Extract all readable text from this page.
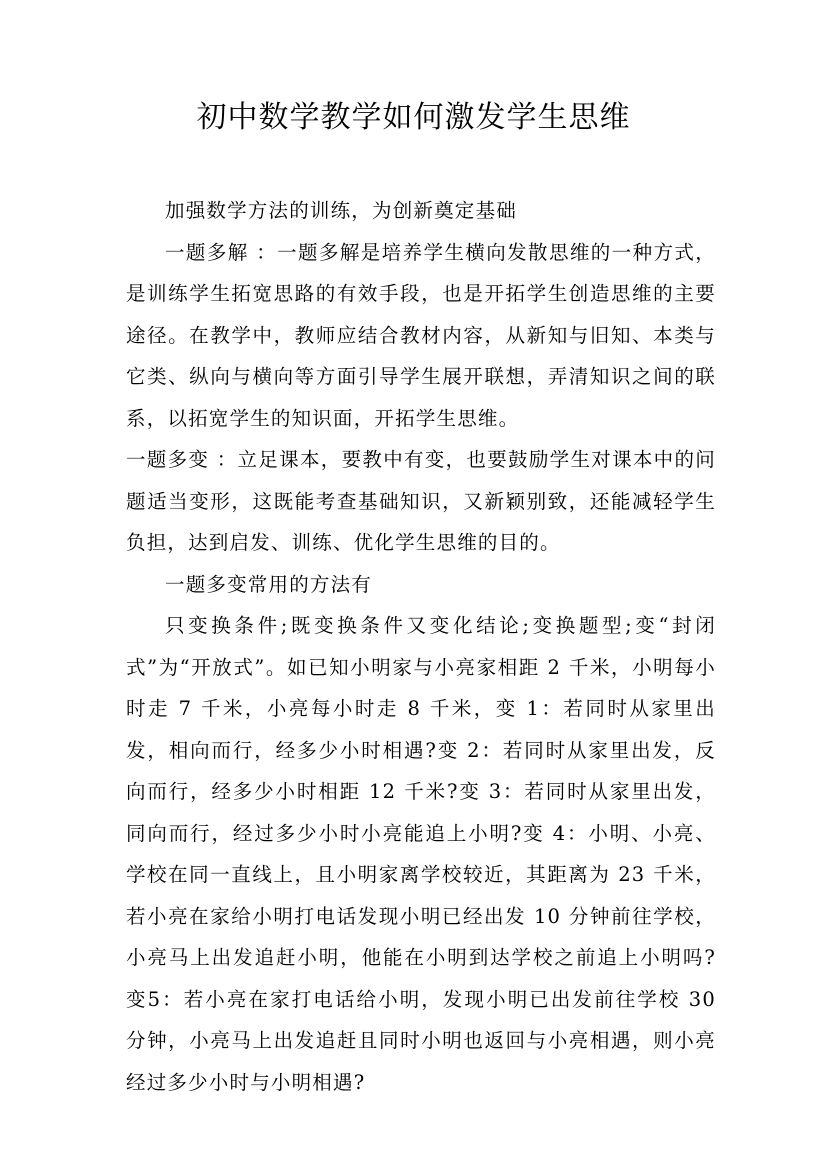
初中数学教学如何激发学生思维

加强数学方法的训练，为创新奠定基础

一题多解 ：一题多解是培养学生横向发散思维的一种方式，是训练学生拓宽思路的有效手段，也是开拓学生创造思维的主要途径。在教学中，教师应结合教材内容，从新知与旧知、本类与它类、纵向与横向等方面引导学生展开联想，弄清知识之间的联系，以拓宽学生的知识面，开拓学生思维。

一题多变 ：立足课本，要教中有变，也要鼓励学生对课本中的问题适当变形，这既能考查基础知识，又新颖别致，还能减轻学生负担，达到启发、训练、优化学生思维的目的。

一题多变常用的方法有

只变换条件;既变换条件又变化结论;变换题型;变“封闭式”为“开放式”。如已知小明家与小亮家相距 2 千米，小明每小时走 7 千米，小亮每小时走 8 千米，变 1：若同时从家里出发，相向而行，经多少小时相遇?变 2：若同时从家里出发，反向而行，经多少小时相距 12 千米?变 3：若同时从家里出发，同向而行，经过多少小时小亮能追上小明?变 4：小明、小亮、学校在同一直线上，且小明家离学校较近，其距离为 23 千米，若小亮在家给小明打电话发现小明已经出发 10 分钟前往学校，小亮马上出发追赶小明，他能在小明到达学校之前追上小明吗?变5：若小亮在家打电话给小明，发现小明已出发前往学校 30 分钟，小亮马上出发追赶且同时小明也返回与小亮相遇，则小亮经过多少小时与小明相遇?
